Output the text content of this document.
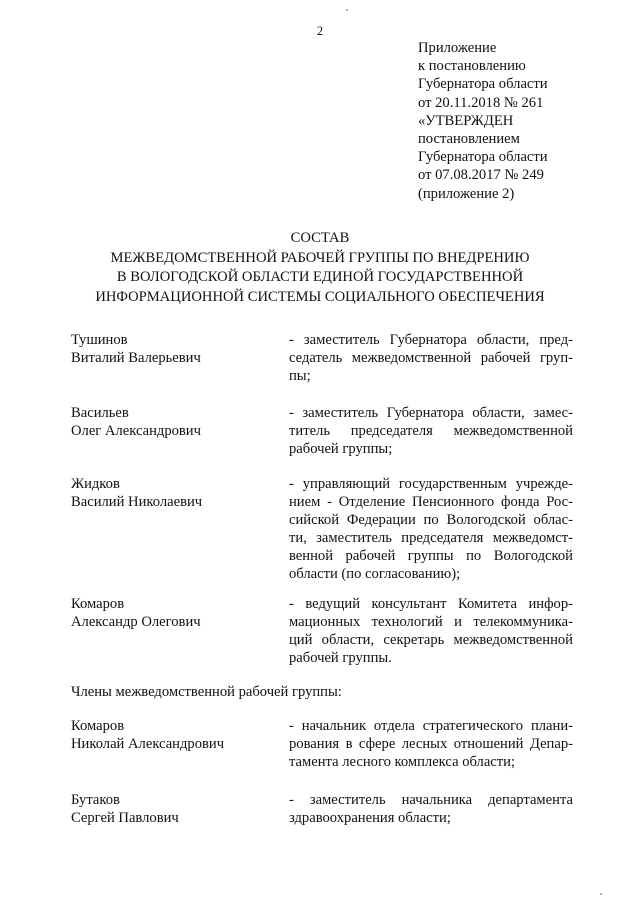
2
Приложение
к постановлению
Губернатора области
от 20.11.2018 № 261
«УТВЕРЖДЕН
постановлением
Губернатора области
от 07.08.2017 № 249
(приложение 2)
СОСТАВ
МЕЖВЕДОМСТВЕННОЙ РАБОЧЕЙ ГРУППЫ ПО ВНЕДРЕНИЮ
В ВОЛОГОДСКОЙ ОБЛАСТИ ЕДИНОЙ ГОСУДАРСТВЕННОЙ
ИНФОРМАЦИОННОЙ СИСТЕМЫ СОЦИАЛЬНОГО ОБЕСПЕЧЕНИЯ
Тушинов
Виталий Валерьевич
- заместитель Губернатора области, пред-
седатель межведомственной рабочей груп-
пы;
Васильев
Олег Александрович
- заместитель Губернатора области, замес-
титель председателя межведомственной
рабочей группы;
Жидков
Василий Николаевич
- управляющий государственным учрежде-
нием - Отделение Пенсионного фонда Рос-
сийской Федерации по Вологодской облас-
ти, заместитель председателя межведомст-
венной рабочей группы по Вологодской
области (по согласованию);
Комаров
Александр Олегович
- ведущий консультант Комитета инфор-
мационных технологий и телекоммуника-
ций области, секретарь межведомственной
рабочей группы.
Члены межведомственной рабочей группы:
Комаров
Николай Александрович
- начальник отдела стратегического плани-
рования в сфере лесных отношений Депар-
тамента лесного комплекса области;
Бутаков
Сергей Павлович
- заместитель начальника департамента
здравоохранения области;
